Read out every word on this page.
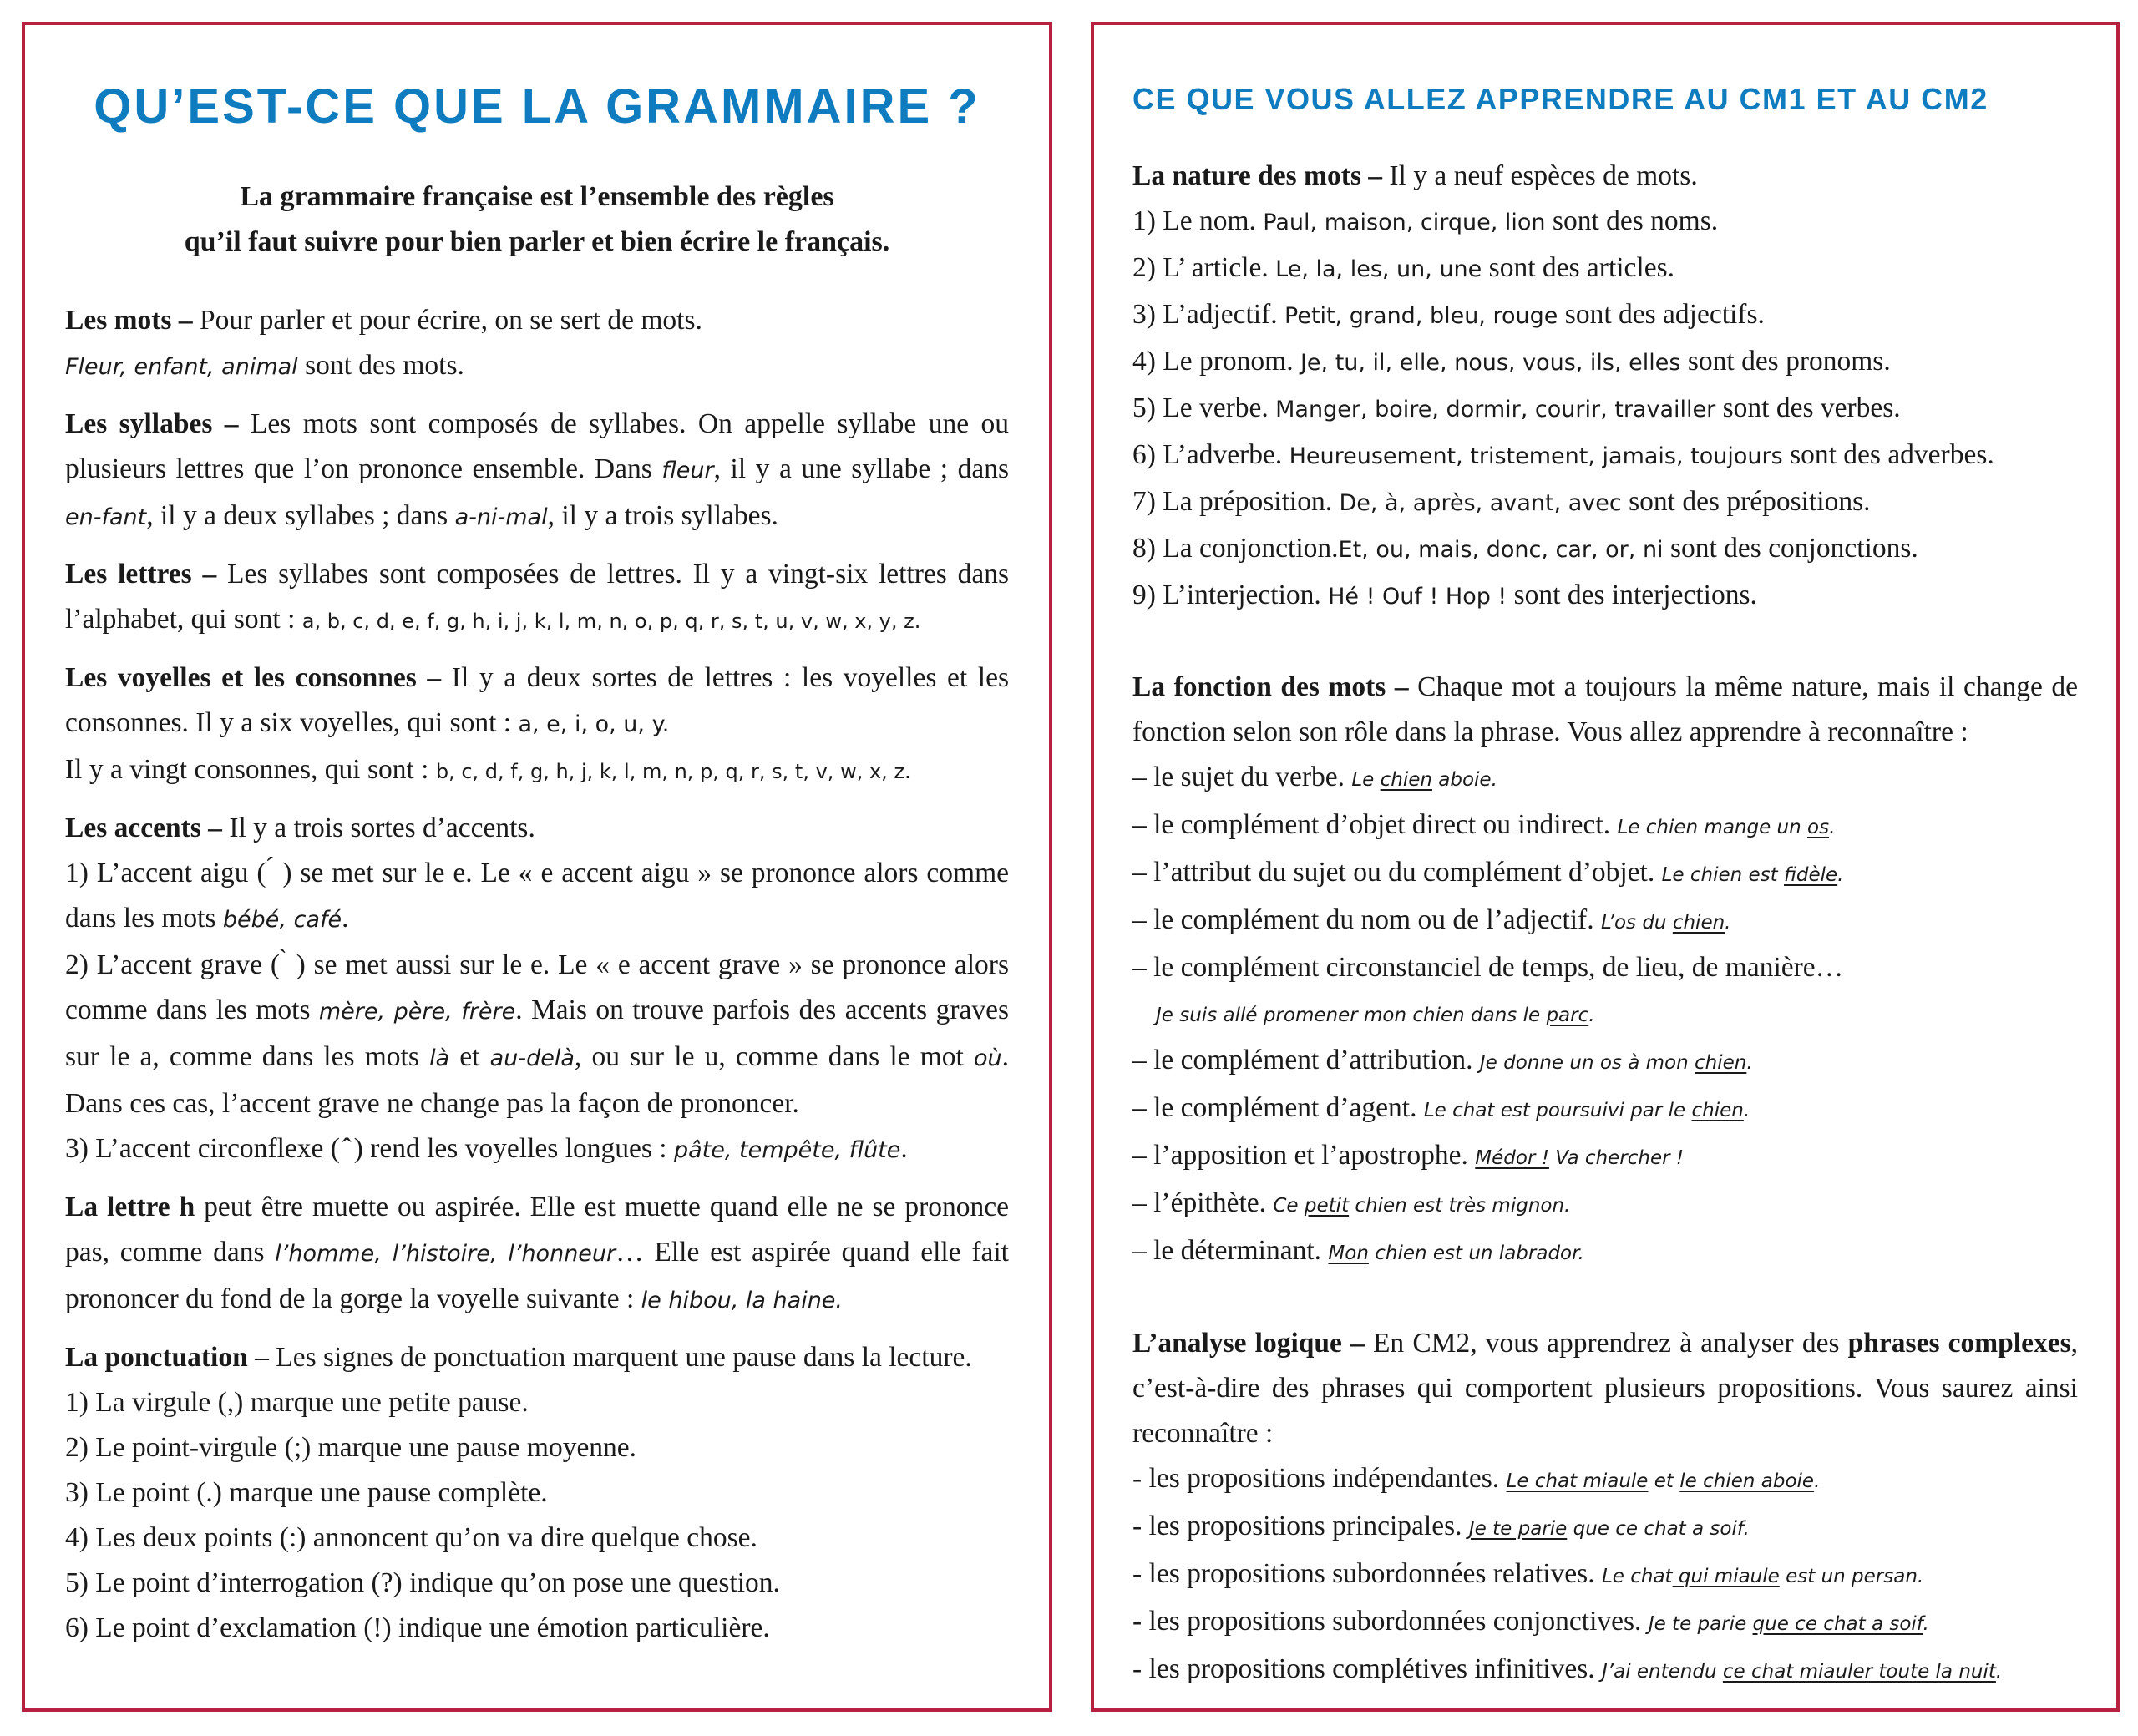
QU’EST-CE QUE LA GRAMMAIRE ?
La grammaire française est l’ensemble des règles
qu’il faut suivre pour bien parler et bien écrire le français.

Les mots – Pour parler et pour écrire, on se sert de mots.
Fleur, enfant, animal sont des mots.

Les syllabes – Les mots sont composés de syllabes. On appelle syllabe une ou plusieurs lettres que l’on prononce ensemble. Dans fleur, il y a une syllabe ; dans en-fant, il y a deux syllabes ; dans a-ni-mal, il y a trois syllabes.

Les lettres – Les syllabes sont composées de lettres. Il y a vingt-six lettres dans l’alphabet, qui sont : a, b, c, d, e, f, g, h, i, j, k, l, m, n, o, p, q, r, s, t, u, v, w, x, y, z.

Les voyelles et les consonnes – Il y a deux sortes de lettres : les voyelles et les consonnes. Il y a six voyelles, qui sont : a, e, i, o, u, y.
Il y a vingt consonnes, qui sont : b, c, d, f, g, h, j, k, l, m, n, p, q, r, s, t, v, w, x, z.

Les accents – Il y a trois sortes d’accents.
1) L’accent aigu ( ́ ) se met sur le e. Le « e accent aigu » se prononce alors comme dans les mots bébé, café.
2) L’accent grave ( ̀ ) se met aussi sur le e. Le « e accent grave » se prononce alors comme dans les mots mère, père, frère. Mais on trouve parfois des accents graves sur le a, comme dans les mots là et au-delà, ou sur le u, comme dans le mot où. Dans ces cas, l’accent grave ne change pas la façon de prononcer.
3) L’accent circonflexe ( ̂ ) rend les voyelles longues : pâte, tempête, flûte.

La lettre h peut être muette ou aspirée. Elle est muette quand elle ne se prononce pas, comme dans l’homme, l’histoire, l’honneur… Elle est aspirée quand elle fait prononcer du fond de la gorge la voyelle suivante : le hibou, la haine.

La ponctuation – Les signes de ponctuation marquent une pause dans la lecture.

1) La virgule (,) marque une petite pause.
2) Le point-virgule (;) marque une pause moyenne.
3) Le point (.) marque une pause complète.
4) Les deux points (:) annoncent qu’on va dire quelque chose.
5) Le point d’interrogation (?) indique qu’on pose une question.
6) Le point d’exclamation (!) indique une émotion particulière.
CE QUE VOUS ALLEZ APPRENDRE AU CM1 ET AU CM2
La nature des mots – Il y a neuf espèces de mots.
1) Le nom. Paul, maison, cirque, lion sont des noms.
2) L’ article. Le, la, les, un, une sont des articles.
3) L’adjectif. Petit, grand, bleu, rouge sont des adjectifs.
4) Le pronom. Je, tu, il, elle, nous, vous, ils, elles sont des pronoms.
5) Le verbe. Manger, boire, dormir, courir, travailler sont des verbes.
6) L’adverbe. Heureusement, tristement, jamais, toujours sont des adverbes.
7) La préposition. De, à, après, avant, avec sont des prépositions.
8) La conjonction.Et, ou, mais, donc, car, or, ni sont des conjonctions.
9) L’interjection. Hé ! Ouf ! Hop ! sont des interjections.

La fonction des mots – Chaque mot a toujours la même nature, mais il change de fonction selon son rôle dans la phrase. Vous allez apprendre à reconnaître :

– le sujet du verbe. Le chien aboie.
– le complément d’objet direct ou indirect. Le chien mange un os.
– l’attribut du sujet ou du complément d’objet. Le chien est fidèle.
– le complément du nom ou de l’adjectif. L’os du chien.
– le complément circonstanciel de temps, de lieu, de manière…
Je suis allé promener mon chien dans le parc.
– le complément d’attribution. Je donne un os à mon chien.
– le complément d’agent. Le chat est poursuivi par le chien.
– l’apposition et l’apostrophe. Médor ! Va chercher !
– l’épithète. Ce petit chien est très mignon.
– le déterminant. Mon chien est un labrador.

L’analyse logique – En CM2, vous apprendrez à analyser des phrases complexes, c’est-à-dire des phrases qui comportent plusieurs propositions. Vous saurez ainsi reconnaître :

- les propositions indépendantes. Le chat miaule et le chien aboie.
- les propositions principales. Je te parie que ce chat a soif.
- les propositions subordonnées relatives. Le chat qui miaule est un persan.
- les propositions subordonnées conjonctives. Je te parie que ce chat a soif.
- les propositions complétives infinitives. J’ai entendu ce chat miauler toute la nuit.
